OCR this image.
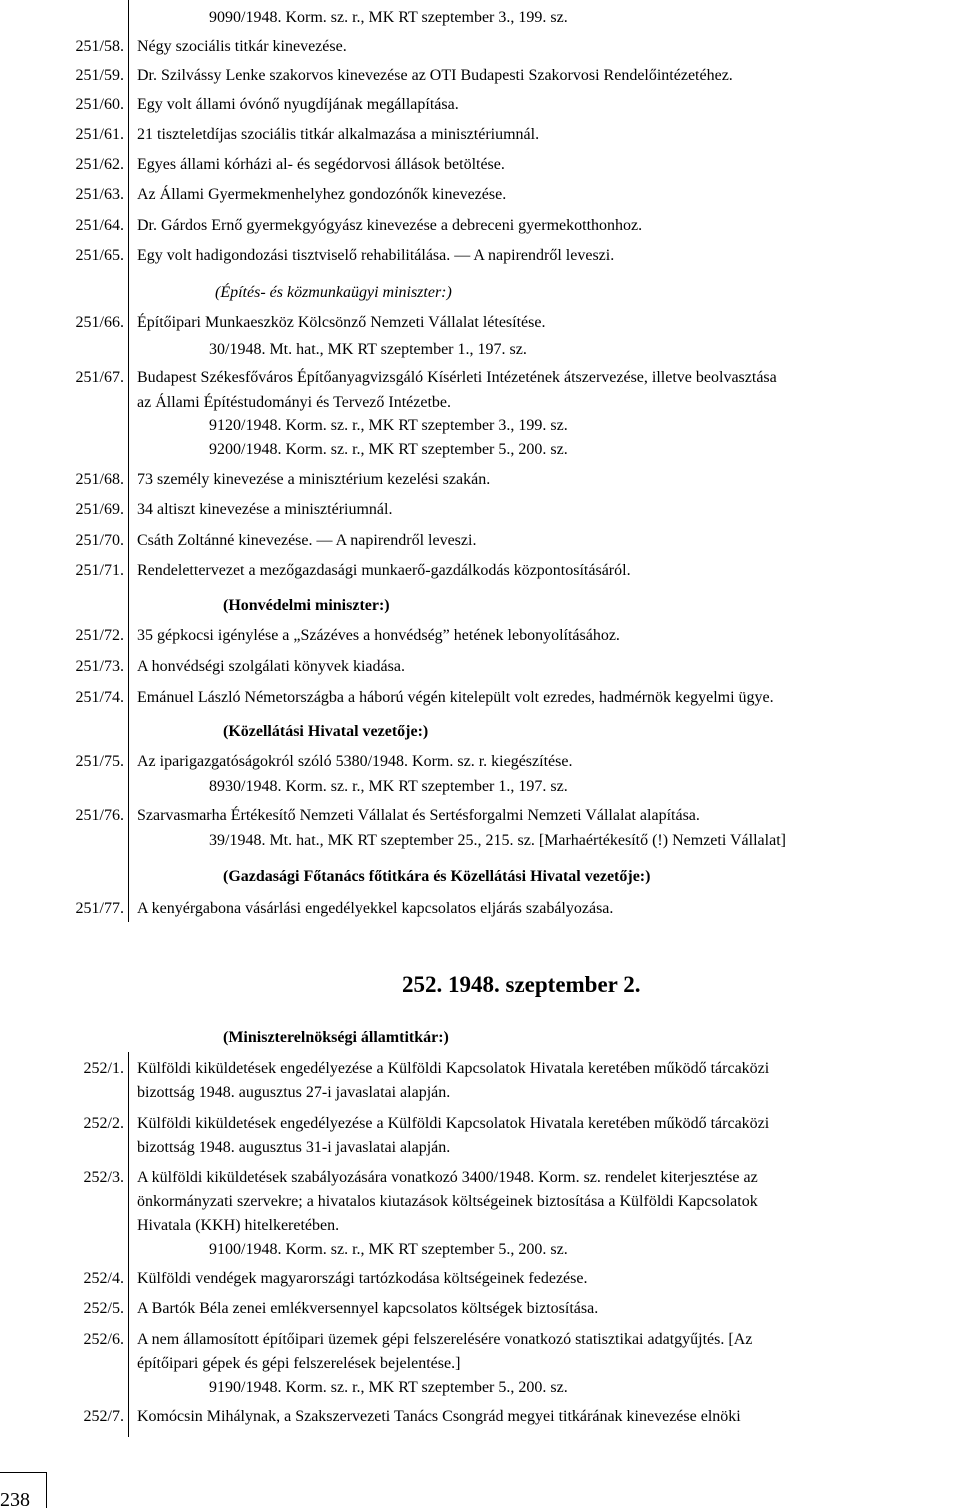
9090/1948. Korm. sz. r., MK RT szeptember 3., 199. sz.
251/58. Négy szociális titkár kinevezése.
251/59. Dr. Szilvássy Lenke szakorvos kinevezése az OTI Budapesti Szakorvosi Rendelőintézetéhez.
251/60. Egy volt állami óvónő nyugdíjának megállapítása.
251/61. 21 tiszteletdíjas szociális titkár alkalmazása a minisztériumnál.
251/62. Egyes állami kórházi al- és segédorvosi állások betöltése.
251/63. Az Állami Gyermekmenhelyhez gondozónők kinevezése.
251/64. Dr. Gárdos Ernő gyermekgyógyász kinevezése a debreceni gyermekotthonhoz.
251/65. Egy volt hadigondozási tisztviselő rehabilitálása. — A napirendről leveszi.
(Építés- és közmunkaügyi miniszter:)
251/66. Építőipari Munkaeszköz Kölcsönző Nemzeti Vállalat létesítése.
30/1948. Mt. hat., MK RT szeptember 1., 197. sz.
251/67. Budapest Székesfőváros Építőanyagvizsgáló Kísérleti Intézetének átszervezése, illetve beolvasztása
az Állami Építéstudományi és Tervező Intézetbe.
9120/1948. Korm. sz. r., MK RT szeptember 3., 199. sz.
9200/1948. Korm. sz. r., MK RT szeptember 5., 200. sz.
251/68. 73 személy kinevezése a minisztérium kezelési szakán.
251/69. 34 altiszt kinevezése a minisztériumnál.
251/70. Csáth Zoltánné kinevezése. — A napirendről leveszi.
251/71. Rendelettervezet a mezőgazdasági munkaerő-gazdálkodás központosításáról.
(Honvédelmi miniszter:)
251/72. 35 gépkocsi igénylése a „Százéves a honvédség” hetének lebonyolításához.
251/73. A honvédségi szolgálati könyvek kiadása.
251/74. Emánuel László Németországba a háború végén kitelepült volt ezredes, hadmérnök kegyelmi ügye.
(Közellátási Hivatal vezetője:)
251/75. Az iparigazgatóságokról szóló 5380/1948. Korm. sz. r. kiegészítése.
8930/1948. Korm. sz. r., MK RT szeptember 1., 197. sz.
251/76. Szarvasmarha Értékesítő Nemzeti Vállalat és Sertésforgalmi Nemzeti Vállalat alapítása.
39/1948. Mt. hat., MK RT szeptember 25., 215. sz. [Marhaértékesítő (!) Nemzeti Vállalat]
(Gazdasági Főtanács főtitkára és Közellátási Hivatal vezetője:)
251/77. A kenyérgabona vásárlási engedélyekkel kapcsolatos eljárás szabályozása.
(Miniszterelnökségi államtitkár:)
252/1. Külföldi kiküldetések engedélyezése a Külföldi Kapcsolatok Hivatala keretében működő tárcaközi
bizottság 1948. augusztus 27-i javaslatai alapján.
252/2. Külföldi kiküldetések engedélyezése a Külföldi Kapcsolatok Hivatala keretében működő tárcaközi
bizottság 1948. augusztus 31-i javaslatai alapján.
252/3. A külföldi kiküldetések szabályozására vonatkozó 3400/1948. Korm. sz. rendelet kiterjesztése az
önkormányzati szervekre; a hivatalos kiutazások költségeinek biztosítása a Külföldi Kapcsolatok
Hivatala (KKH) hitelkeretében.
9100/1948. Korm. sz. r., MK RT szeptember 5., 200. sz.
252/4. Külföldi vendégek magyarországi tartózkodása költségeinek fedezése.
252/5. A Bartók Béla zenei emlékversennyel kapcsolatos költségek biztosítása.
252/6. A nem államosított építőipari üzemek gépi felszerelésére vonatkozó statisztikai adatgyűjtés. [Az
építőipari gépek és gépi felszerelések bejelentése.]
9190/1948. Korm. sz. r., MK RT szeptember 5., 200. sz.
252/7. Komócsin Mihálynak, a Szakszervezeti Tanács Csongrád megyei titkárának kinevezése elnöki
252. 1948. szeptember 2.
238
